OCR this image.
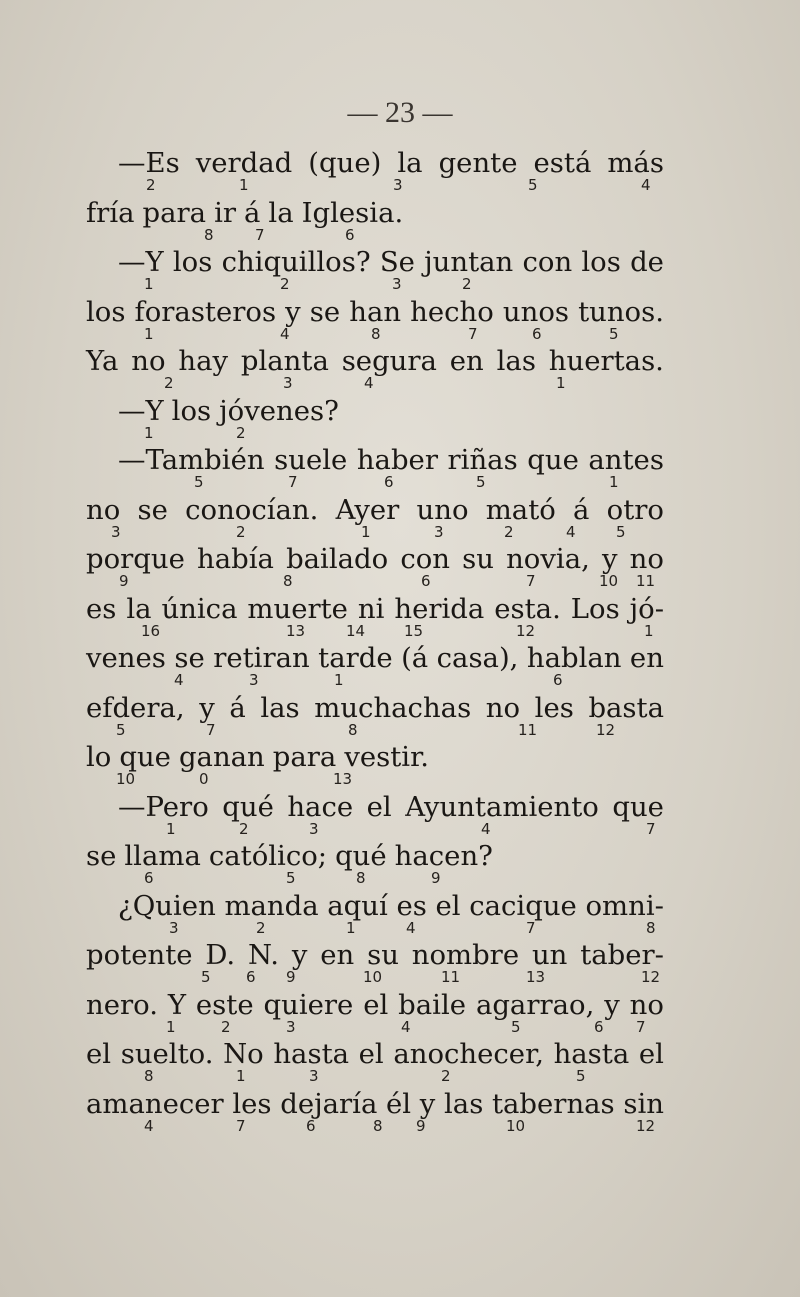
— 23 —
—Es verdad (que) la gente está más
2	1	3	5	4
fría para ir á la Iglesia.
8	7	6
—Y los chiquillos? Se juntan con los de
1	2	3	2
los forasteros y se han hecho unos tunos.
1	4	8	7	6	5
Ya no hay planta segura en las huertas.
2	3	4	1
—Y los jóvenes?
1	2
—También suele haber riñas que antes
5	7	6	5	1
no se conocían. Ayer uno mató á otro
3	2	1	3	2	4	5
porque había bailado con su novia, y no
9	8	6	7	10 11
es la única muerte ni herida esta. Los jó-
16	13	14	15	12	1
venes se retiran tarde (á casa), hablan en
4	3	1	6
efdera, y á las muchachas no les basta
5	7	8	11	12
lo que ganan para vestir.
10	0	13
—Pero qué hace el Ayuntamiento que
1	2	3	4	7
se llama católico; qué hacen?
6	5	8	9
¿Quien manda aquí es el cacique omni-
3	2	1	4	7	8
potente D. N. y en su nombre un taber-
5 6 9	10	11	13	12
nero. Y este quiere el baile agarrao, y no
1	2	3	4	5	6 7
el suelto. No hasta el anochecer, hasta el
8	1	3	2	5
amanecer les dejaría él y las tabernas sin
4	7	6	8 9	10	12
